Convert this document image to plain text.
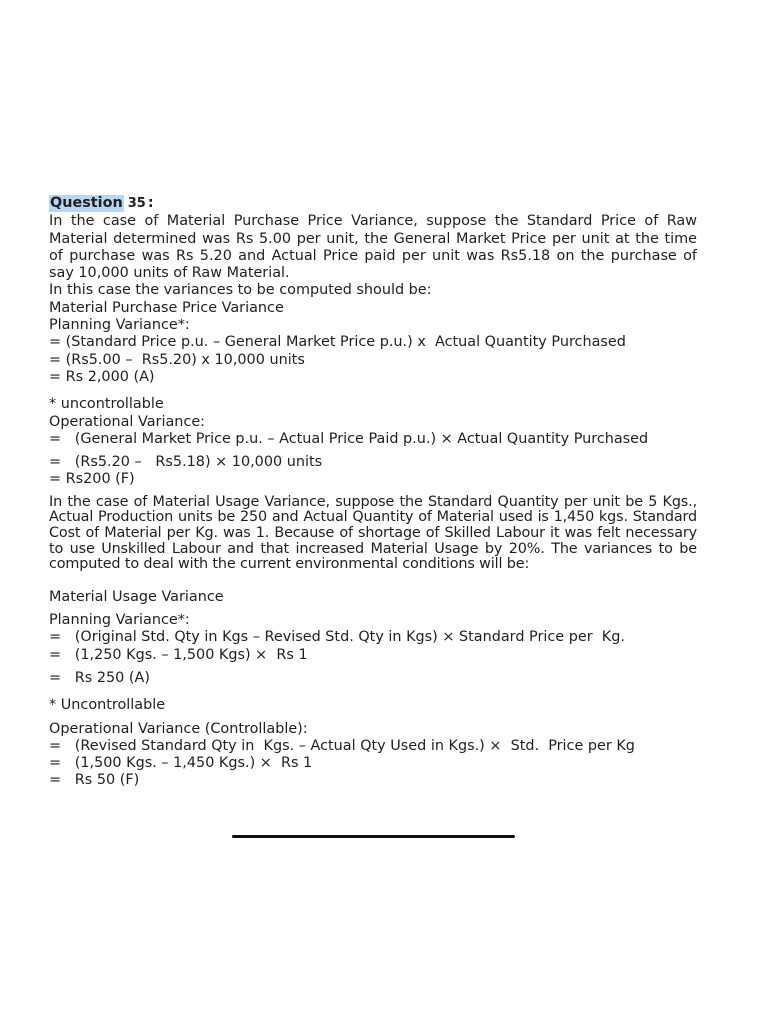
Question 35 :

In the case of Material Purchase Price Variance, suppose the Standard Price of Raw Material determined was Rs 5.00 per unit, the General Market Price per unit at the time of purchase was Rs 5.20 and Actual Price paid per unit was Rs5.18 on the purchase of say 10,000 units of Raw Material.

In this case the variances to be computed should be:

Material Purchase Price Variance

Planning Variance*:

= (Standard Price p.u. – General Market Price p.u.) x  Actual Quantity Purchased

= (Rs5.00 –  Rs5.20) x 10,000 units

= Rs 2,000 (A)

* uncontrollable

Operational Variance:

=   (General Market Price p.u. – Actual Price Paid p.u.) × Actual Quantity Purchased

=   (Rs5.20 –   Rs5.18) × 10,000 units

= Rs200 (F)

In the case of Material Usage Variance, suppose the Standard Quantity per unit be 5 Kgs., Actual Production units be 250 and Actual Quantity of Material used is 1,450 kgs. Standard Cost of Material per Kg. was 1. Because of shortage of Skilled Labour it was felt necessary to use Unskilled Labour and that increased Material Usage by 20%. The variances to be computed to deal with the current environmental conditions will be:

Material Usage Variance

Planning Variance*:

=   (Original Std. Qty in Kgs – Revised Std. Qty in Kgs) × Standard Price per  Kg.

=   (1,250 Kgs. – 1,500 Kgs) ×  Rs 1

=   Rs 250 (A)

* Uncontrollable

Operational Variance (Controllable):

=   (Revised Standard Qty in  Kgs. – Actual Qty Used in Kgs.) ×  Std.  Price per Kg

=   (1,500 Kgs. – 1,450 Kgs.) ×  Rs 1

=   Rs 50 (F)
